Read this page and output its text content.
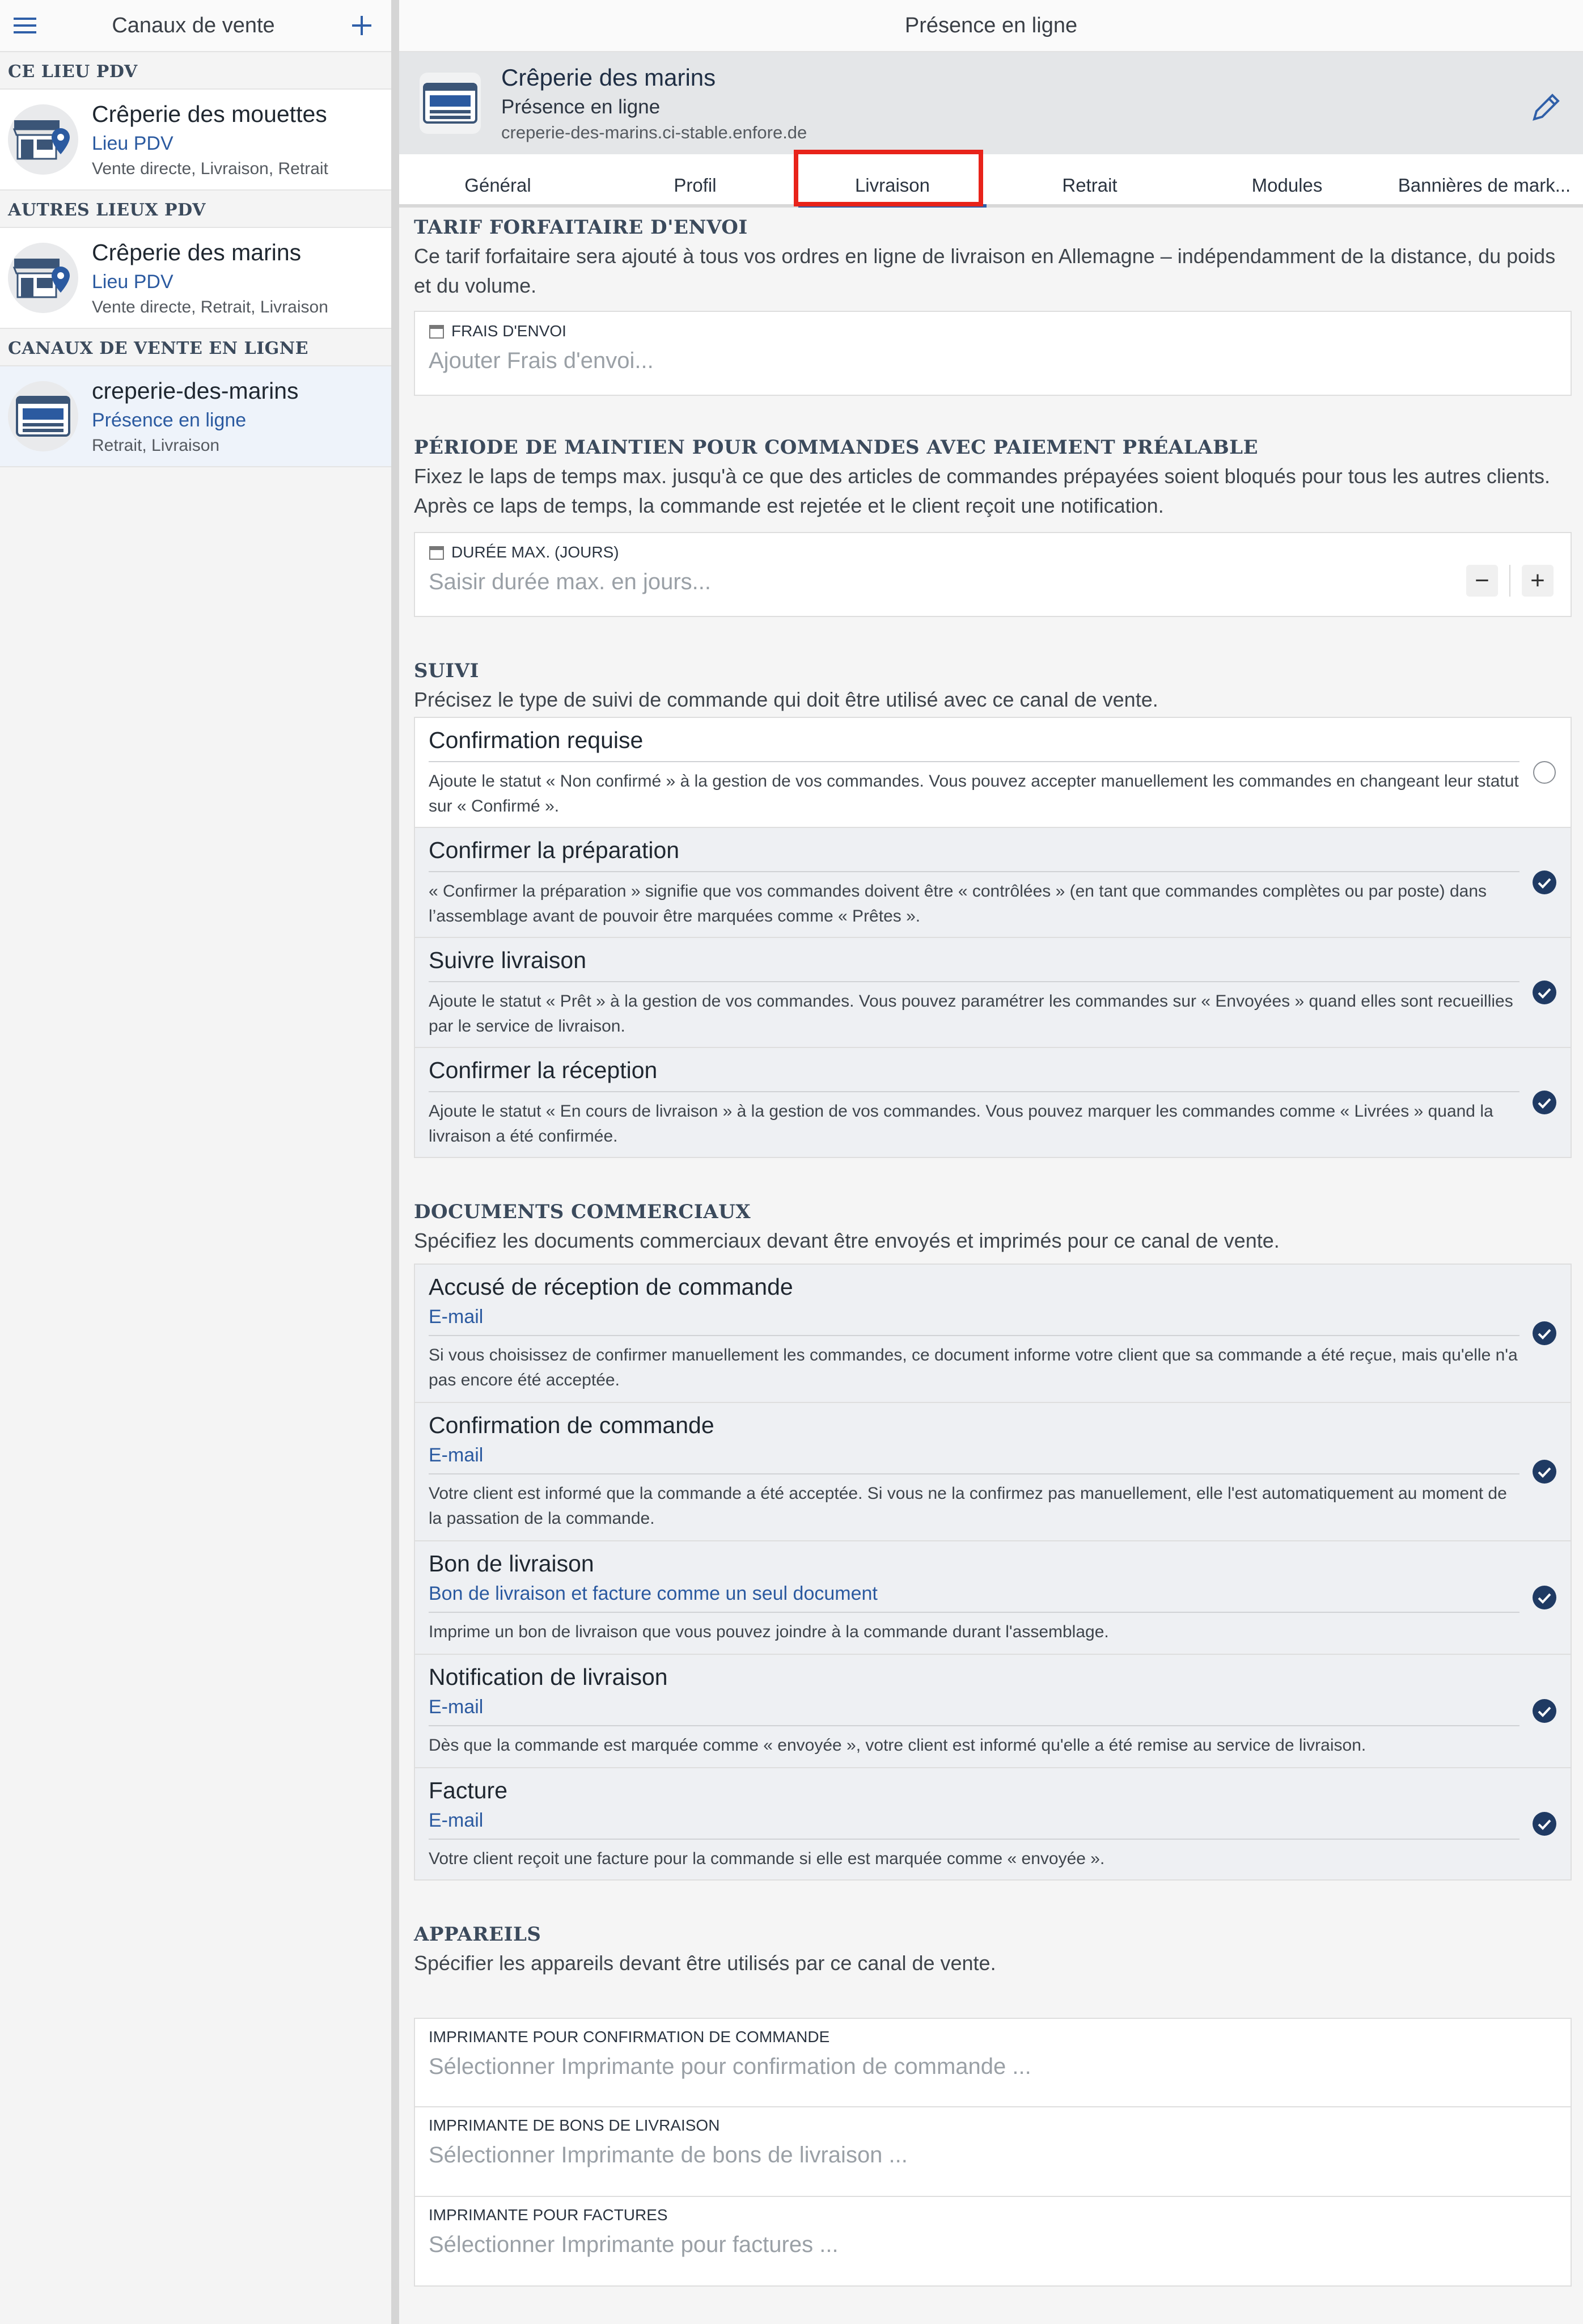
Canaux de vente
CE LIEU PDV
Crêperie des mouettes
Lieu PDV
Vente directe, Livraison, Retrait
AUTRES LIEUX PDV
Crêperie des marins
Lieu PDV
Vente directe, Retrait, Livraison
CANAUX DE VENTE EN LIGNE
creperie-des-marins
Présence en ligne
Retrait, Livraison
Présence en ligne
Crêperie des marins
Présence en ligne
creperie-des-marins.ci-stable.enfore.de
Général	Profil	Livraison	Retrait	Modules	Bannières de mark...
TARIF FORFAITAIRE D'ENVOI
Ce tarif forfaitaire sera ajouté à tous vos ordres en ligne de livraison en Allemagne – indépendamment de la distance, du poids et du volume.
FRAIS D'ENVOI
Ajouter Frais d'envoi...
PÉRIODE DE MAINTIEN POUR COMMANDES AVEC PAIEMENT PRÉALABLE
Fixez le laps de temps max. jusqu'à ce que des articles de commandes prépayées soient bloqués pour tous les autres clients. Après ce laps de temps, la commande est rejetée et le client reçoit une notification.
DURÉE MAX. (JOURS)
Saisir durée max. en jours...	−	+
SUIVI
Précisez le type de suivi de commande qui doit être utilisé avec ce canal de vente.
Confirmation requise
Ajoute le statut « Non confirmé » à la gestion de vos commandes. Vous pouvez accepter manuellement les commandes en changeant leur statut sur « Confirmé ».
Confirmer la préparation
« Confirmer la préparation » signifie que vos commandes doivent être « contrôlées » (en tant que commandes complètes ou par poste) dans l’assemblage avant de pouvoir être marquées comme « Prêtes ».
Suivre livraison
Ajoute le statut « Prêt » à la gestion de vos commandes. Vous pouvez paramétrer les commandes sur « Envoyées » quand elles sont recueillies par le service de livraison.
Confirmer la réception
Ajoute le statut « En cours de livraison » à la gestion de vos commandes. Vous pouvez marquer les commandes comme « Livrées » quand la livraison a été confirmée.
DOCUMENTS COMMERCIAUX
Spécifiez les documents commerciaux devant être envoyés et imprimés pour ce canal de vente.
Accusé de réception de commande
E-mail
Si vous choisissez de confirmer manuellement les commandes, ce document informe votre client que sa commande a été reçue, mais qu'elle n'a pas encore été acceptée.
Confirmation de commande
E-mail
Votre client est informé que la commande a été acceptée. Si vous ne la confirmez pas manuellement, elle l'est automatiquement au moment de la passation de la commande.
Bon de livraison
Bon de livraison et facture comme un seul document
Imprime un bon de livraison que vous pouvez joindre à la commande durant l'assemblage.
Notification de livraison
E-mail
Dès que la commande est marquée comme « envoyée », votre client est informé qu'elle a été remise au service de livraison.
Facture
E-mail
Votre client reçoit une facture pour la commande si elle est marquée comme « envoyée ».
APPAREILS
Spécifier les appareils devant être utilisés par ce canal de vente.
IMPRIMANTE POUR CONFIRMATION DE COMMANDE
Sélectionner Imprimante pour confirmation de commande ...
IMPRIMANTE DE BONS DE LIVRAISON
Sélectionner Imprimante de bons de livraison ...
IMPRIMANTE POUR FACTURES
Sélectionner Imprimante pour factures ...
